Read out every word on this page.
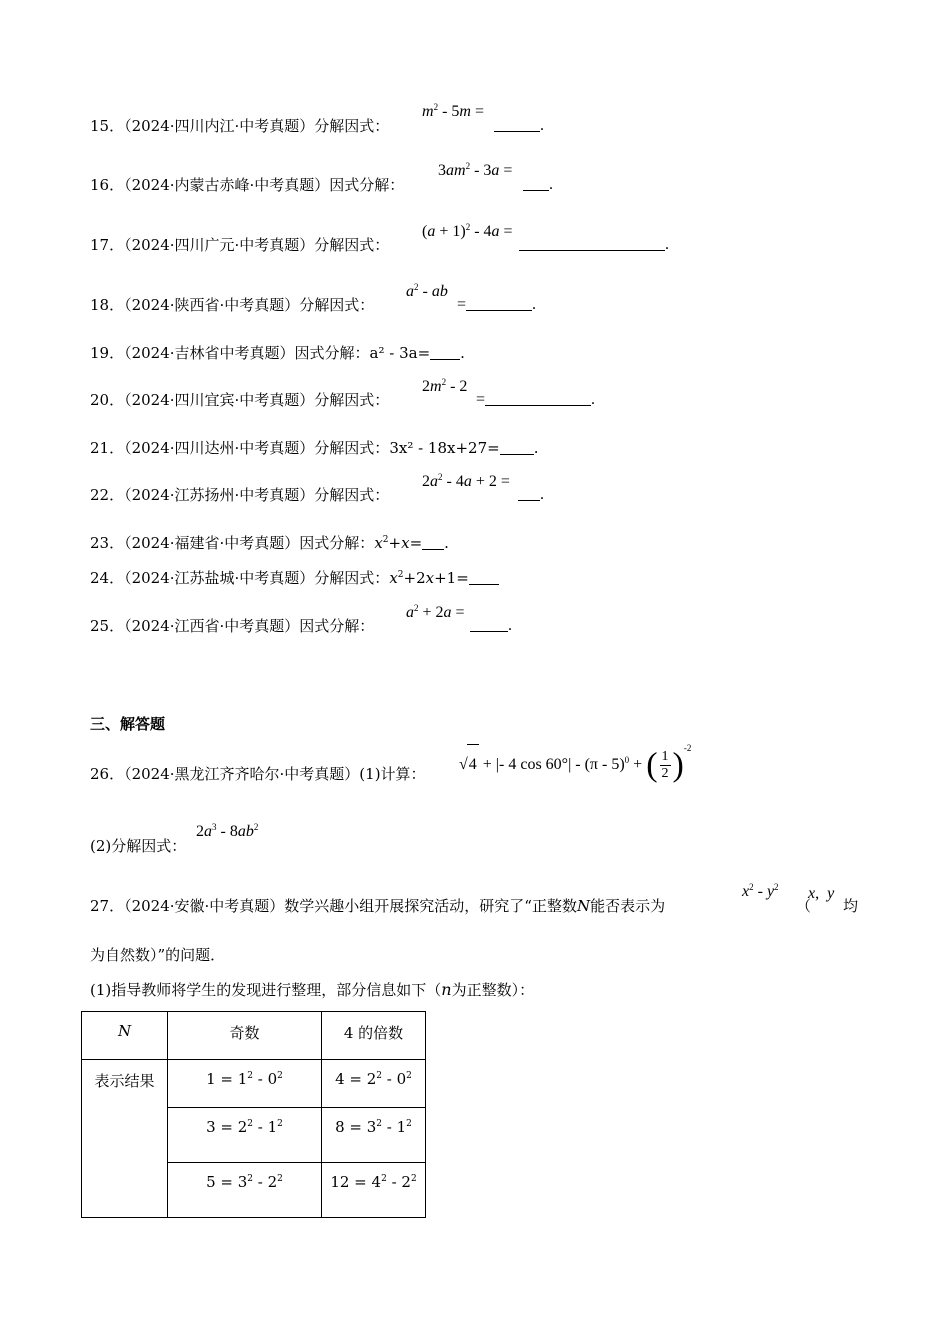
15．（2024·四川内江·中考真题）分解因式：
$m^2 - 5m$ =
.
16．（2024·内蒙古赤峰·中考真题）因式分解：
$3am^2 - 3a$ =
.
17．（2024·四川广元·中考真题）分解因式：
$(a + 1)^2 - 4a$ =
.
18．（2024·陕西省·中考真题）分解因式：
$a^2$ - ab
=	.
19．（2024·吉林省中考真题）因式分解：a² - 3a= .
20．（2024·四川宜宾·中考真题）分解因式：
$2m^2 - 2$
=	.
21．（2024·四川达州·中考真题）分解因式：3x² - 18x+27= .
22．（2024·江苏扬州·中考真题）分解因式：
$2a^2 - 4a + 2$ =
.
23．（2024·福建省·中考真题）因式分解：$x^2+x=$ .
24．（2024·江苏盐城·中考真题）分解因式：$x^2+2x+1=$
25．（2024·江西省·中考真题）因式分解：
$a^2 + 2a$ =
.
三、解答题
26．（2024·黑龙江齐齐哈尔·中考真题）(1)计算：
√4 + |- 4 cos 60°| - (π - 5)$^0$ + ( $\frac{1}{2} )^{-2}$
(2)分解因式：
$2a^3 - 8ab^2$
27．（2024·安徽·中考真题）数学兴趣小组开展探究活动，研究了“正整数N能否表示为
$x^2 - y^2$
（
x,  y
均
为自然数）”的问题．
(1)指导教师将学生的发现进行整理，部分信息如下（n为正整数）：
N	奇数	4 的倍数
表示结果	$1 = 1^2 - 0^2$	$4 = 2^2 - 0^2$
	$3 = 2^2 - 1^2$	$8 = 3^2 - 1^2$
	$5 = 3^2 - 2^2$	$12 = 4^2 - 2^2$
